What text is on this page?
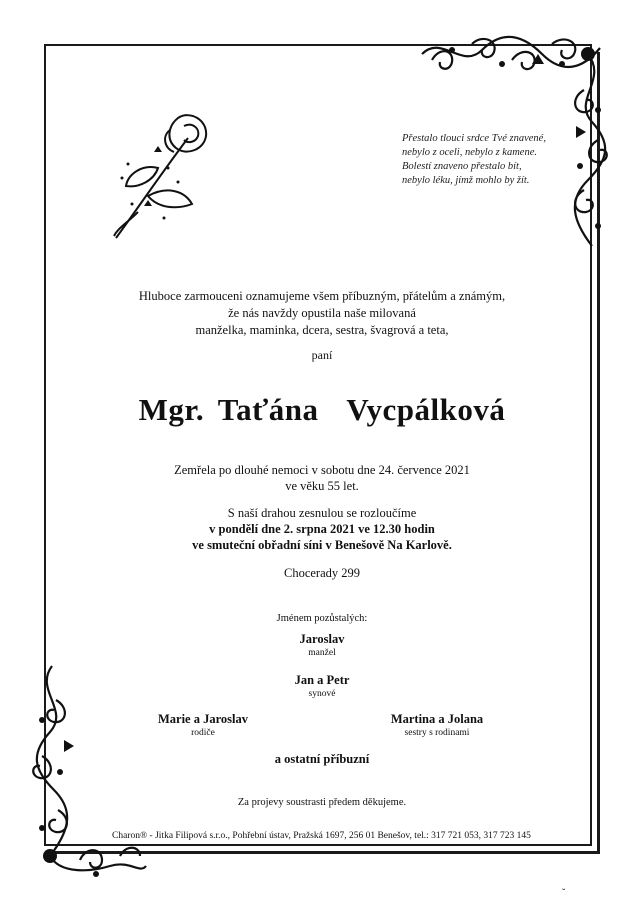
Přestalo tlouci srdce Tvé znavené,
nebylo z oceli, nebylo z kamene.
Bolestí znaveno přestalo bít,
nebylo léku, jímž mohlo by žít.
Hluboce zarmouceni oznamujeme všem příbuzným, přátelům a známým,
že nás navždy opustila naše milovaná
manželka, maminka, dcera, sestra, švagrová a teta,
paní
Mgr. Taťána  Vycpálková
Zemřela po dlouhé nemoci v sobotu dne 24. července 2021
ve věku 55 let.
S naší drahou zesnulou se rozloučíme
v pondělí dne 2. srpna 2021 ve 12.30 hodin
ve smuteční obřadní síni v Benešově Na Karlově.
Chocerady 299
Jménem pozůstalých:
Jaroslav
manžel
Jan a Petr
synové
Marie a Jaroslav
rodiče
Martina a Jolana
sestry s rodinami
a ostatní příbuzní
Za projevy soustrasti předem děkujeme.
Charon® - Jitka Filipová s.r.o., Pohřební ústav, Pražská 1697, 256 01 Benešov, tel.: 317 721 053, 317 723 145
ˇ
